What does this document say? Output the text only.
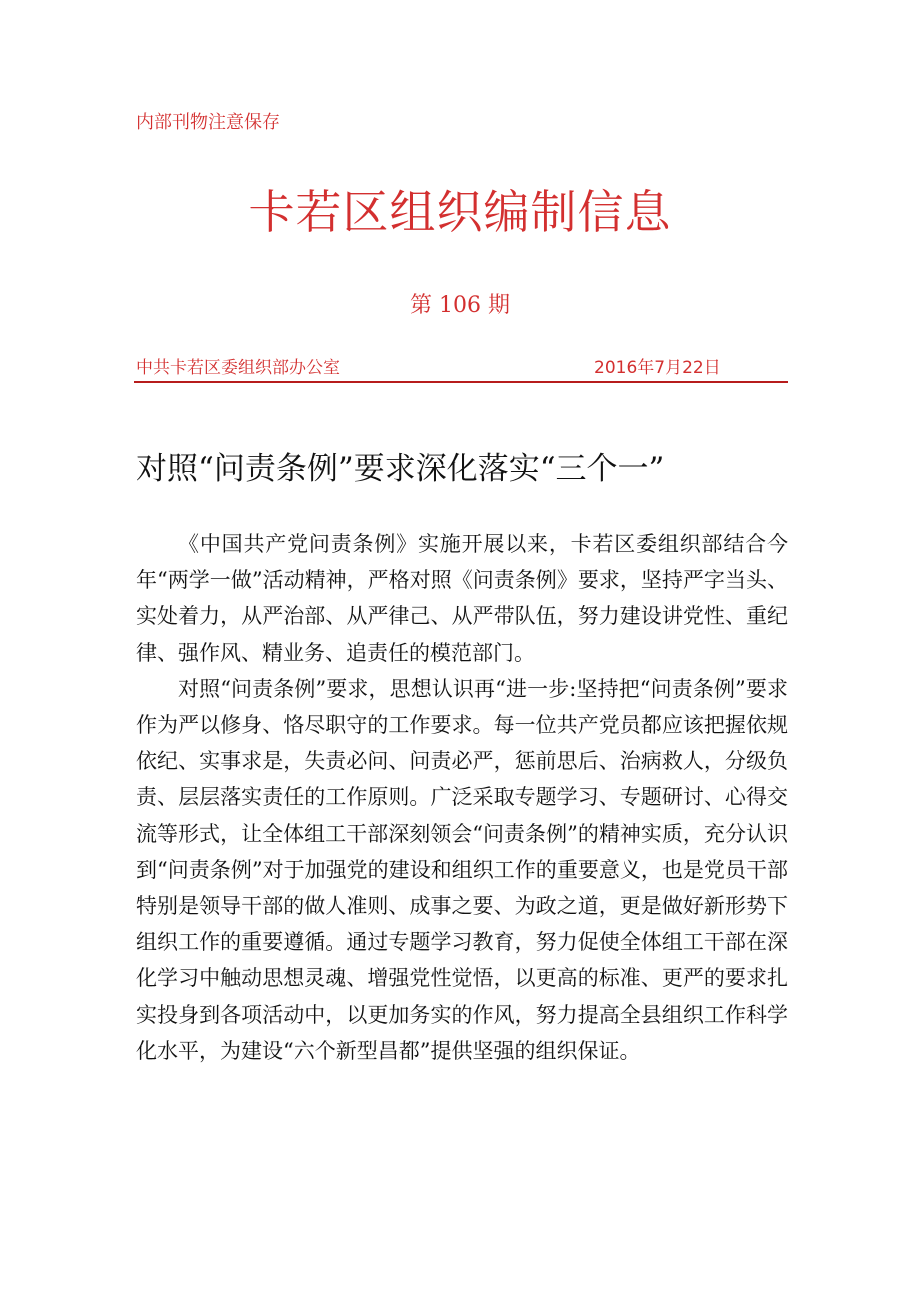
内部刊物注意保存
卡若区组织编制信息
第 106 期
中共卡若区委组织部办公室	2016年7月22日
对照“问责条例”要求深化落实“三个一”

《中国共产党问责条例》实施开展以来，卡若区委组织部结合今年“两学一做”活动精神，严格对照《问责条例》要求，坚持严字当头、实处着力，从严治部、从严律己、从严带队伍，努力建设讲党性、重纪律、强作风、精业务、追责任的模范部门。

对照“问责条例”要求，思想认识再“进一步:坚持把“问责条例”要求作为严以修身、恪尽职守的工作要求。每一位共产党员都应该把握依规依纪、实事求是，失责必问、问责必严，惩前思后、治病救人，分级负责、层层落实责任的工作原则。广泛采取专题学习、专题研讨、心得交流等形式，让全体组工干部深刻领会“问责条例”的精神实质，充分认识到“问责条例”对于加强党的建设和组织工作的重要意义，也是党员干部特别是领导干部的做人准则、成事之要、为政之道，更是做好新形势下组织工作的重要遵循。通过专题学习教育，努力促使全体组工干部在深化学习中触动思想灵魂、增强党性觉悟，以更高的标准、更严的要求扎实投身到各项活动中，以更加务实的作风，努力提高全县组织工作科学化水平，为建设“六个新型昌都”提供坚强的组织保证。
